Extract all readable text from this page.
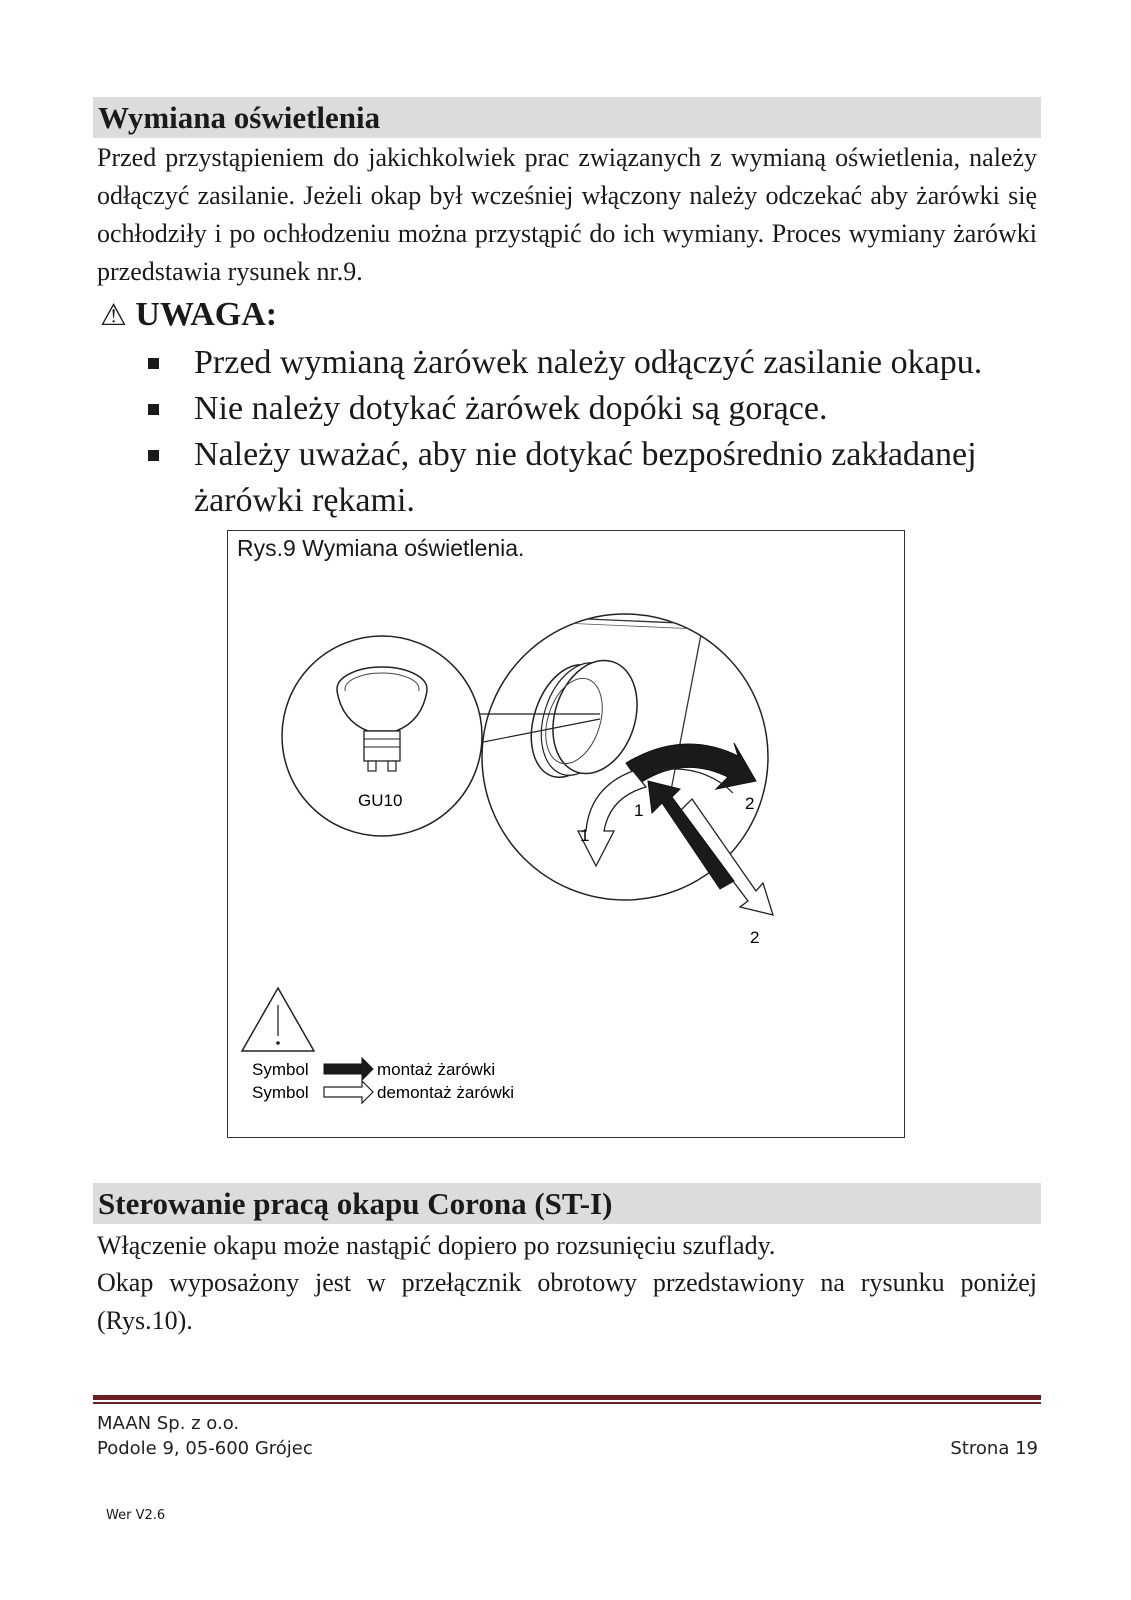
Wymiana oświetlenia
Przed przystąpieniem do jakichkolwiek prac związanych z wymianą oświetlenia, należy odłączyć zasilanie. Jeżeli okap był wcześniej włączony należy odczekać aby żarówki się ochłodziły i po ochłodzeniu można przystąpić do ich wymiany. Proces wymiany żarówki przedstawia rysunek nr.9.
⚠ UWAGA:
Przed wymianą żarówek należy odłączyć zasilanie okapu.
Nie należy dotykać żarówek dopóki są gorące.
Należy uważać, aby nie dotykać bezpośrednio zakładanej żarówki rękami.
Rys.9 Wymiana oświetlenia.
2
1
1
2
GU10
Symbol	montaż żarówki
Symbol	demontaż żarówki
Sterowanie pracą okapu Corona (ST-I)
Włączenie okapu może nastąpić dopiero po rozsunięciu szuflady.
Okap wyposażony jest w przełącznik obrotowy przedstawiony na rysunku poniżej (Rys.10).
MAAN Sp. z o.o.
Podole 9, 05-600 Grójec	Strona 19
Wer V2.6
